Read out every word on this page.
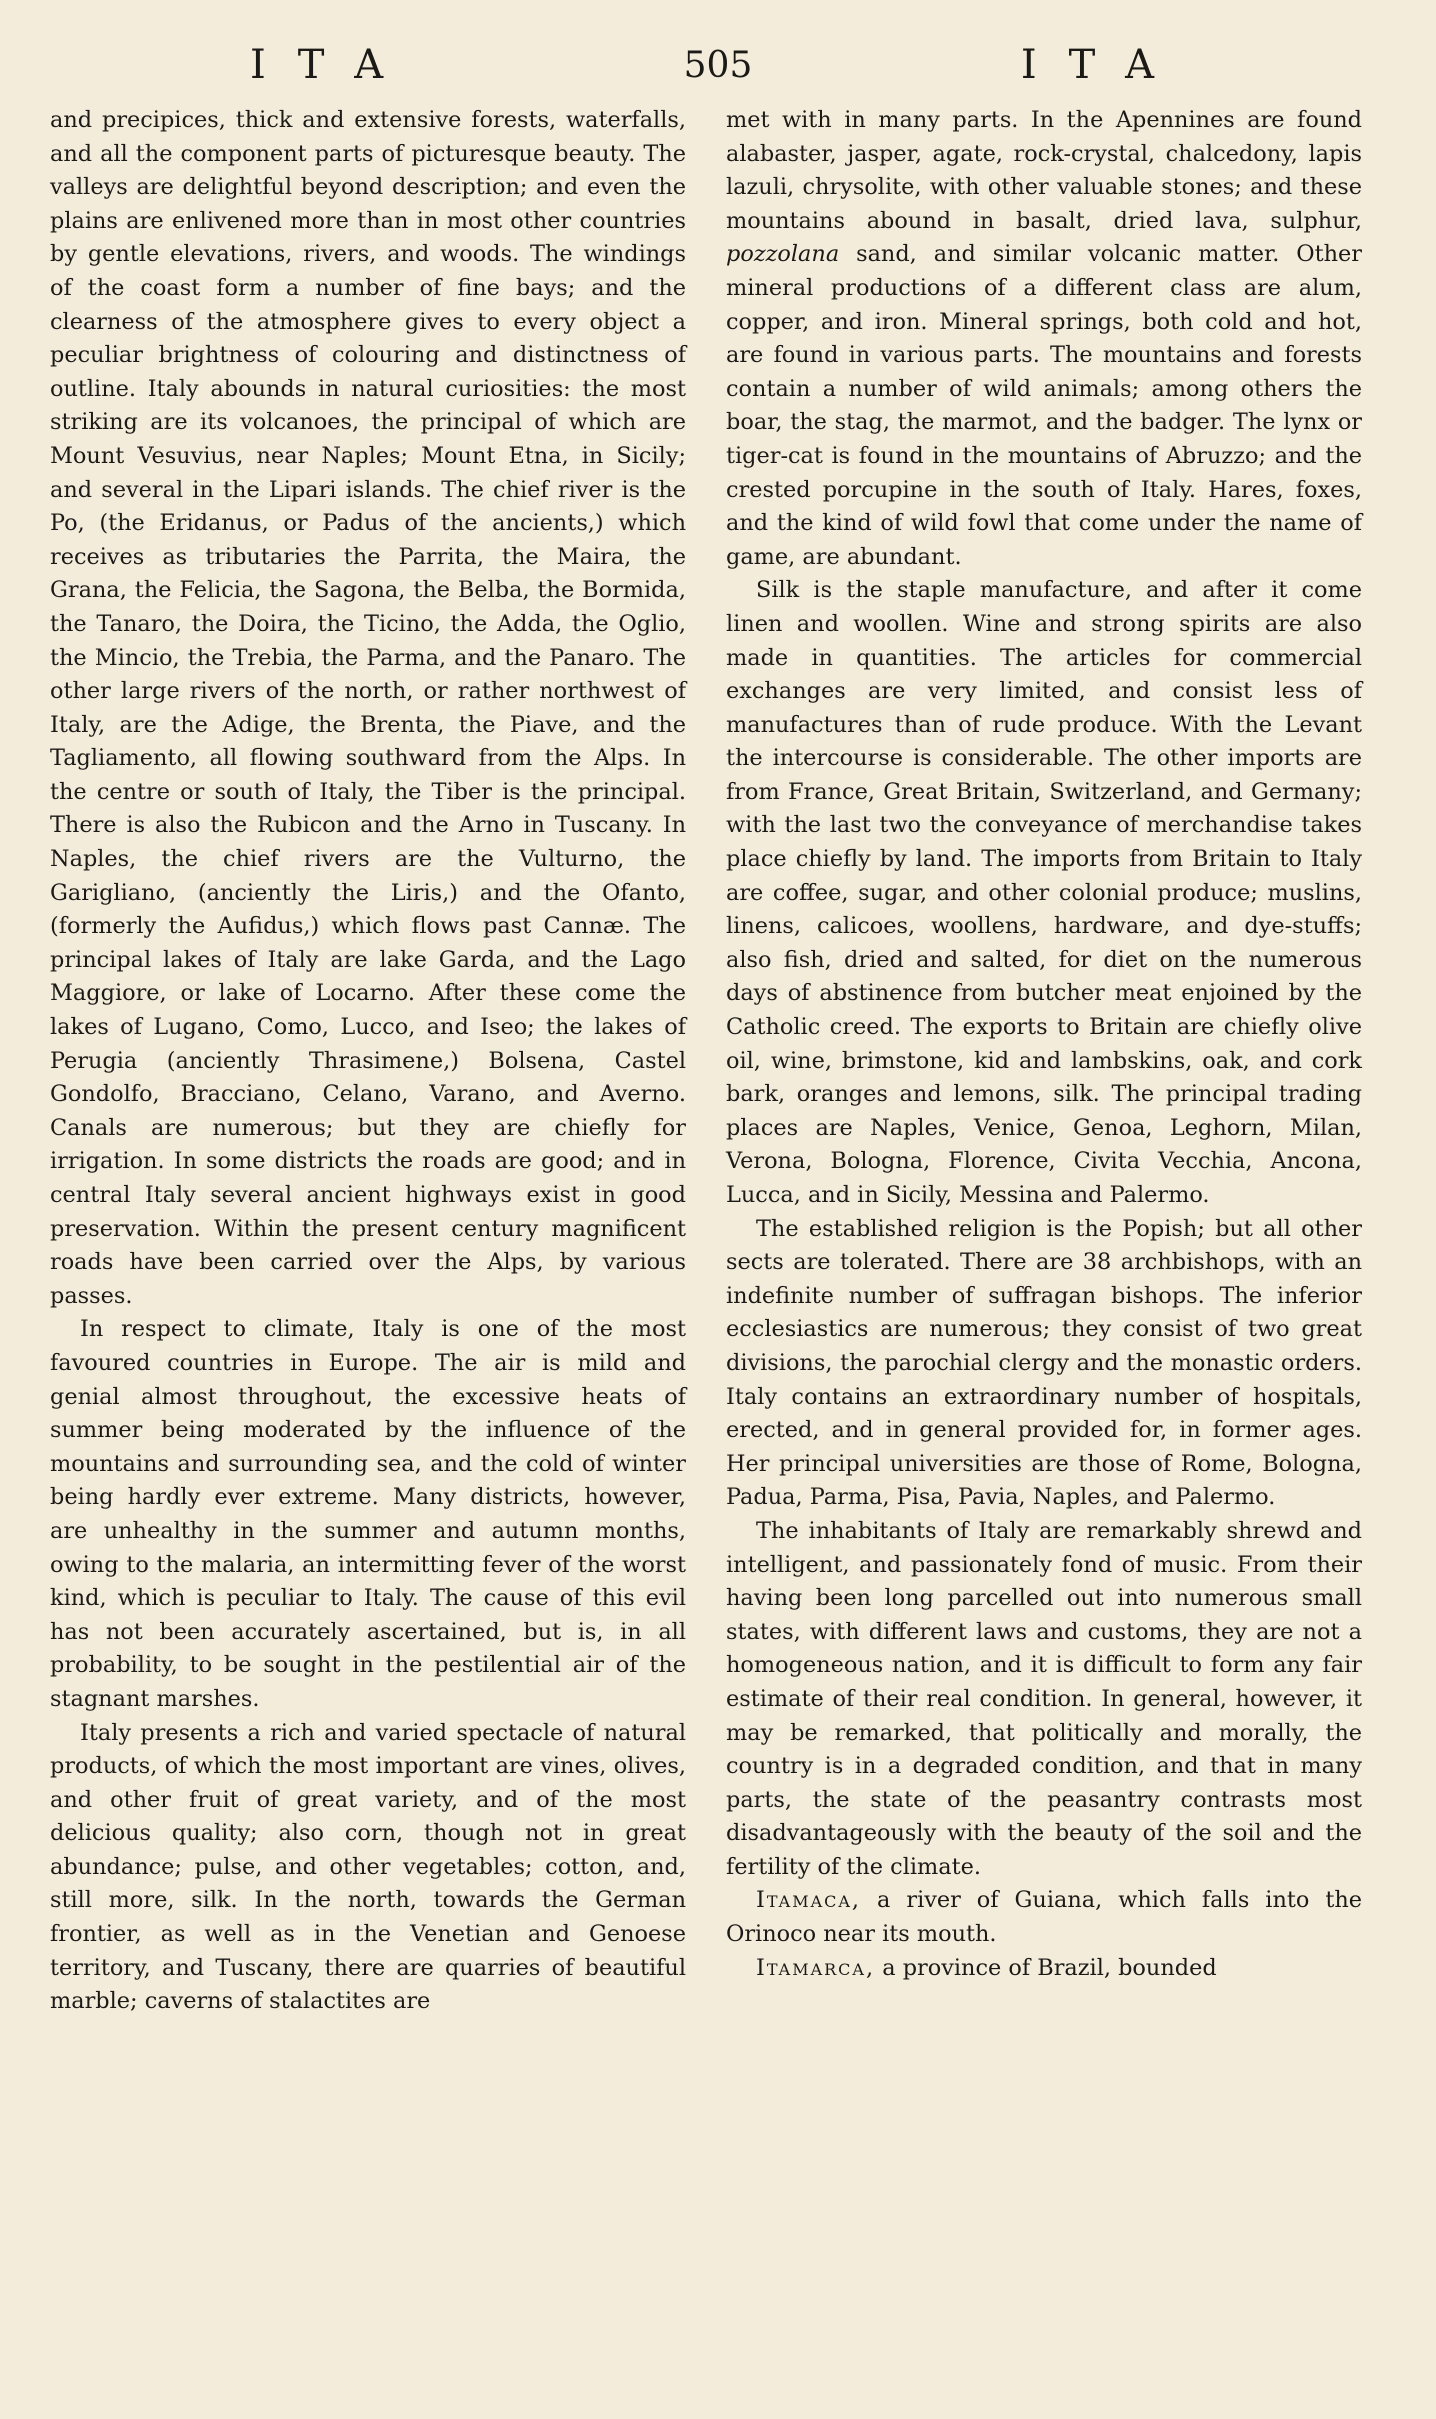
ITA	505	ITA

and precipices, thick and extensive forests, waterfalls, and all the component parts of picturesque beauty. The valleys are delightful beyond description; and even the plains are enlivened more than in most other countries by gentle elevations, rivers, and woods. The windings of the coast form a number of fine bays; and the clearness of the atmosphere gives to every object a peculiar brightness of colouring and distinctness of outline. Italy abounds in natural curiosities: the most striking are its volcanoes, the principal of which are Mount Vesuvius, near Naples; Mount Etna, in Sicily; and several in the Lipari islands. The chief river is the Po, (the Eridanus, or Padus of the ancients,) which receives as tributaries the Parrita, the Maira, the Grana, the Felicia, the Sagona, the Belba, the Bormida, the Tanaro, the Doira, the Ticino, the Adda, the Oglio, the Mincio, the Trebia, the Parma, and the Panaro. The other large rivers of the north, or rather northwest of Italy, are the Adige, the Brenta, the Piave, and the Tagliamento, all flowing southward from the Alps. In the centre or south of Italy, the Tiber is the principal. There is also the Rubicon and the Arno in Tuscany. In Naples, the chief rivers are the Vulturno, the Garigliano, (anciently the Liris,) and the Ofanto, (formerly the Aufidus,) which flows past Cannæ. The principal lakes of Italy are lake Garda, and the Lago Maggiore, or lake of Locarno. After these come the lakes of Lugano, Como, Lucco, and Iseo; the lakes of Perugia (anciently Thrasimene,) Bolsena, Castel Gondolfo, Bracciano, Celano, Varano, and Averno. Canals are numerous; but they are chiefly for irrigation. In some districts the roads are good; and in central Italy several ancient highways exist in good preservation. Within the present century magnificent roads have been carried over the Alps, by various passes.

In respect to climate, Italy is one of the most favoured countries in Europe. The air is mild and genial almost throughout, the excessive heats of summer being moderated by the influence of the mountains and surrounding sea, and the cold of winter being hardly ever extreme. Many districts, however, are unhealthy in the summer and autumn months, owing to the malaria, an intermitting fever of the worst kind, which is peculiar to Italy. The cause of this evil has not been accurately ascertained, but is, in all probability, to be sought in the pestilential air of the stagnant marshes.

Italy presents a rich and varied spectacle of natural products, of which the most important are vines, olives, and other fruit of great variety, and of the most delicious quality; also corn, though not in great abundance; pulse, and other vegetables; cotton, and, still more, silk. In the north, towards the German frontier, as well as in the Venetian and Genoese territory, and Tuscany, there are quarries of beautiful marble; caverns of stalactites are

met with in many parts. In the Apennines are found alabaster, jasper, agate, rock-crystal, chalcedony, lapis lazuli, chrysolite, with other valuable stones; and these mountains abound in basalt, dried lava, sulphur, pozzolana sand, and similar volcanic matter. Other mineral productions of a different class are alum, copper, and iron. Mineral springs, both cold and hot, are found in various parts. The mountains and forests contain a number of wild animals; among others the boar, the stag, the marmot, and the badger. The lynx or tiger-cat is found in the mountains of Abruzzo; and the crested porcupine in the south of Italy. Hares, foxes, and the kind of wild fowl that come under the name of game, are abundant.

Silk is the staple manufacture, and after it come linen and woollen. Wine and strong spirits are also made in quantities. The articles for commercial exchanges are very limited, and consist less of manufactures than of rude produce. With the Levant the intercourse is considerable. The other imports are from France, Great Britain, Switzerland, and Germany; with the last two the conveyance of merchandise takes place chiefly by land. The imports from Britain to Italy are coffee, sugar, and other colonial produce; muslins, linens, calicoes, woollens, hardware, and dye-stuffs; also fish, dried and salted, for diet on the numerous days of abstinence from butcher meat enjoined by the Catholic creed. The exports to Britain are chiefly olive oil, wine, brimstone, kid and lambskins, oak, and cork bark, oranges and lemons, silk. The principal trading places are Naples, Venice, Genoa, Leghorn, Milan, Verona, Bologna, Florence, Civita Vecchia, Ancona, Lucca, and in Sicily, Messina and Palermo.

The established religion is the Popish; but all other sects are tolerated. There are 38 archbishops, with an indefinite number of suffragan bishops. The inferior ecclesiastics are numerous; they consist of two great divisions, the parochial clergy and the monastic orders. Italy contains an extraordinary number of hospitals, erected, and in general provided for, in former ages. Her principal universities are those of Rome, Bologna, Padua, Parma, Pisa, Pavia, Naples, and Palermo.

The inhabitants of Italy are remarkably shrewd and intelligent, and passionately fond of music. From their having been long parcelled out into numerous small states, with different laws and customs, they are not a homogeneous nation, and it is difficult to form any fair estimate of their real condition. In general, however, it may be remarked, that politically and morally, the country is in a degraded condition, and that in many parts, the state of the peasantry contrasts most disadvantageously with the beauty of the soil and the fertility of the climate.

Itamaca, a river of Guiana, which falls into the Orinoco near its mouth.

Itamarca, a province of Brazil, bounded
